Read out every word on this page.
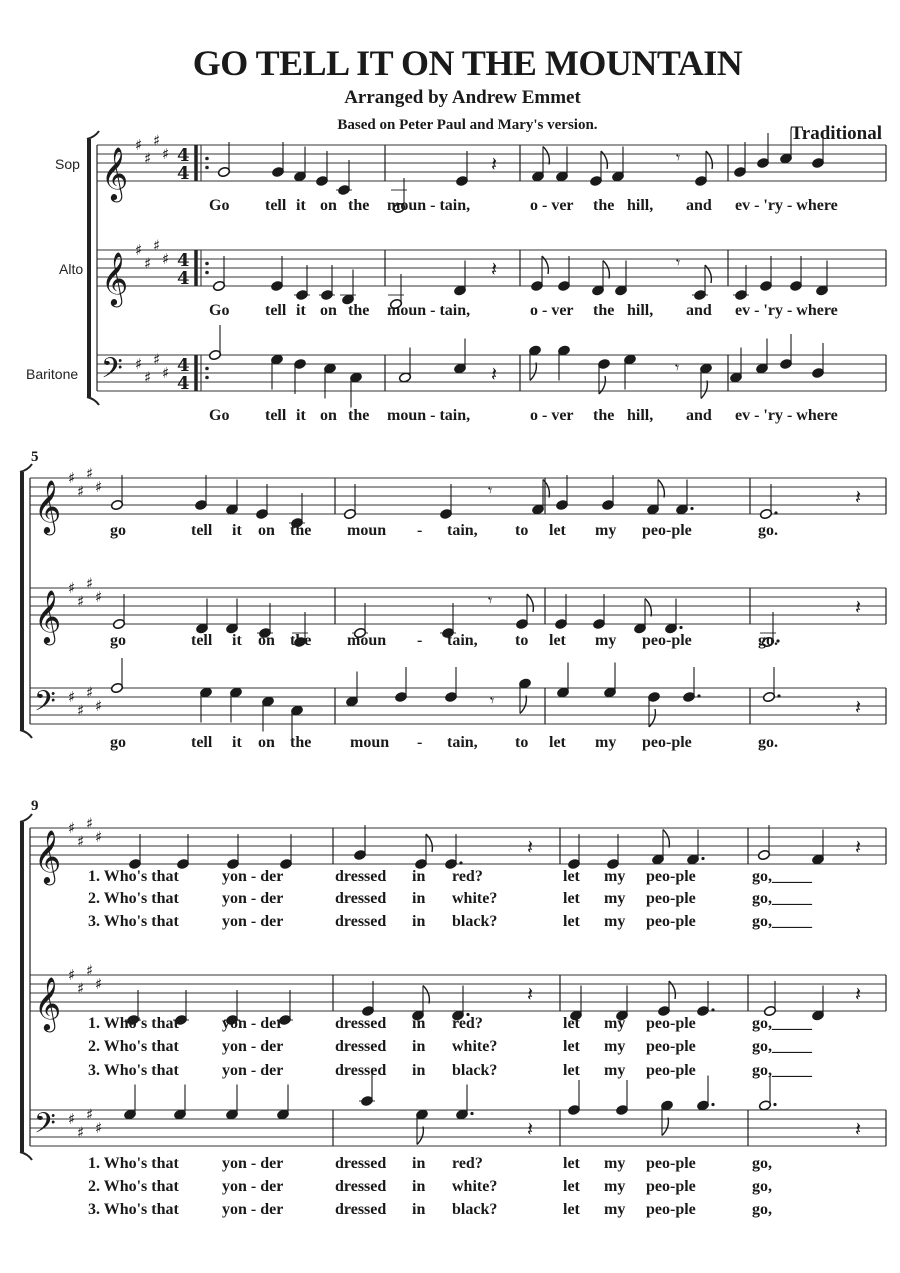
GO TELL IT ON THE MOUNTAIN
Arranged by Andrew Emmet
Based on Peter Paul and Mary's version.	Traditional
Sop
Alto
Baritone
5
9
𝄞
♯
♯
♯
♯ 4
4
𝄞
♯
♯
♯
♯ 4
4
𝄢 ♯
♯
♯
♯ 4
4
𝄞
♯
♯
♯
♯
𝄞
♯
♯
♯
♯
𝄢 ♯
♯
♯
♯
𝄞
♯
♯
♯
♯
𝄞
♯
♯
♯
♯
𝄢 ♯
♯
♯
♯
𝄽
𝄽
𝄽
𝄽
𝄽
𝄽
𝄽	𝄽
𝄽	𝄽
𝄽	𝄽
𝄾
𝄾
𝄾
𝄾
𝄾
𝄾
Go tell it on the moun - tain,	o - ver the hill, and ev - 'ry - where
Go tell it on the moun - tain,	o - ver the hill, and ev - 'ry - where
Go tell it on the moun - tain,	o - ver the hill, and ev - 'ry - where
go	tell it on the moun - tain, to let my peo-ple	go.
go	tell it on the moun - tain, to let my peo-ple	go.
go	tell it on the moun - tain, to let my peo-ple	go.
1. Who's that	yon - der	dressed in red?	let my peo-ple	go,_____
2. Who's that	yon - der	dressed in white?	let my peo-ple	go,_____
3. Who's that	yon - der	dressed in black?	let my peo-ple	go,_____
1. Who's that	yon - der	dressed in red?	let my peo-ple	go,_____
2. Who's that	yon - der	dressed in white?	let my peo-ple	go,_____
3. Who's that	yon - der	dressed in black?	let my peo-ple	go,_____
1. Who's that	yon - der	dressed in red?	let my peo-ple	go,
2. Who's that	yon - der	dressed in white?	let my peo-ple	go,
3. Who's that	yon - der	dressed in black?	let my peo-ple	go,
